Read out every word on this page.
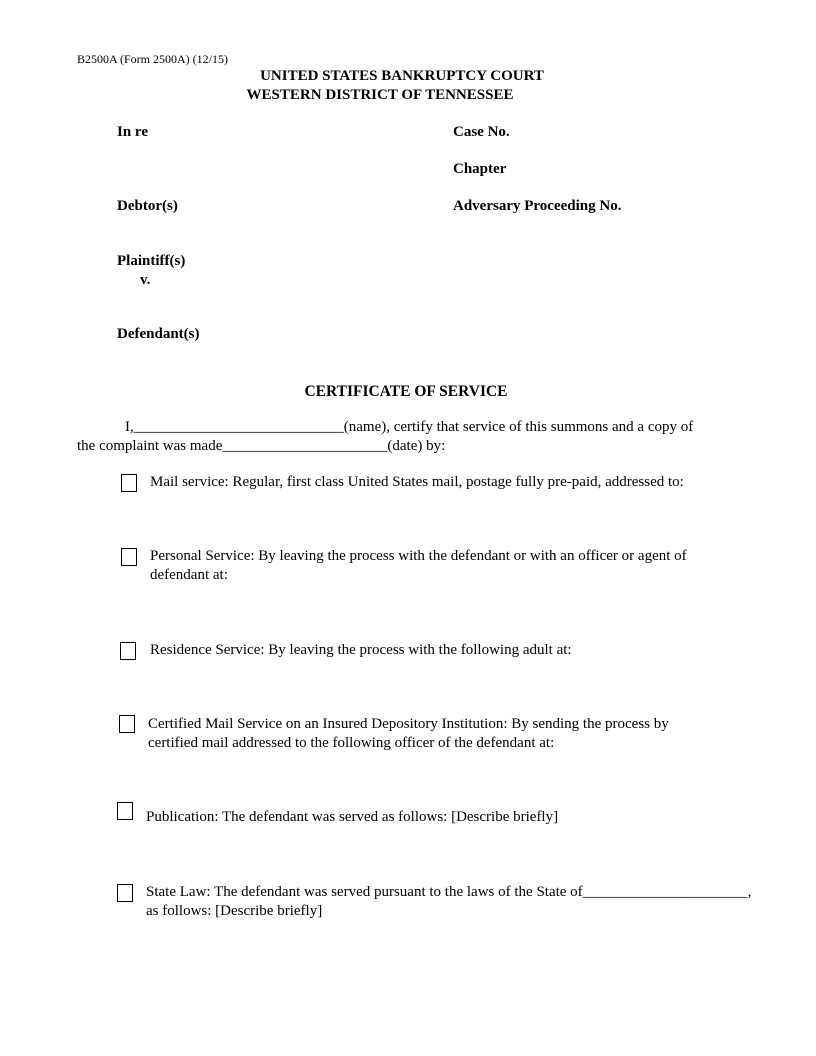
B2500A (Form 2500A) (12/15)
UNITED STATES BANKRUPTCY COURT
WESTERN DISTRICT OF TENNESSEE
In re	Case No.
Chapter
Debtor(s)	Adversary Proceeding No.
Plaintiff(s)
v.
Defendant(s)
CERTIFICATE OF SERVICE
I,____________________________(name), certify that service of this summons and a copy of
the complaint was made______________________(date) by:
Mail service: Regular, first class United States mail, postage fully pre-paid, addressed to:
Personal Service: By leaving the process with the defendant or with an officer or agent of
defendant at:
Residence Service: By leaving the process with the following adult at:
Certified Mail Service on an Insured Depository Institution: By sending the process by
certified mail addressed to the following officer of the defendant at:
Publication: The defendant was served as follows: [Describe briefly]
State Law: The defendant was served pursuant to the laws of the State of______________________,
as follows: [Describe briefly]
